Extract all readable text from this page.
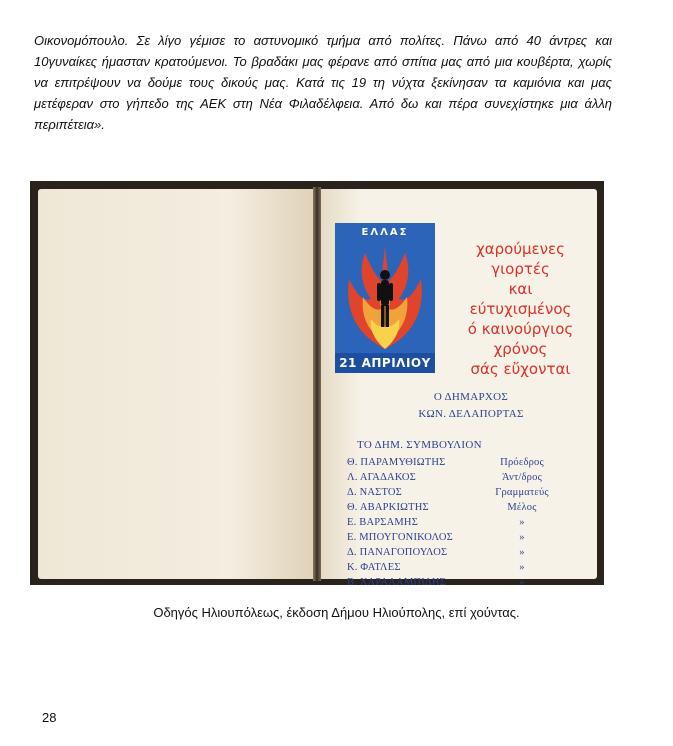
Οικονομόπουλο. Σε λίγο γέμισε το αστυνομικό τμήμα από πολίτες. Πάνω από 40 άντρες και 10γυναίκες ήμασταν κρατούμενοι. Το βραδάκι μας φέρανε από σπίτια μας από μια κουβέρτα, χωρίς να επιτρέψουν να δούμε τους δικούς μας. Κατά τις 19 τη νύχτα ξεκίνησαν τα καμιόνια και μας μετέφεραν στο γήπεδο της ΑΕΚ στη Νέα Φιλαδέλφεια. Από δω και πέρα συνεχίστηκε μια άλλη περιπέτεια».

ΕΛΛΑΣ
21 ΑΠΡΙΛΙΟΥ
χαρούμενες
γιορτές
και
εύτυχισμένος
ό καινούργιος
χρόνος
σάς εὔχονται
Ο ΔΗΜΑΡΧΟΣ
ΚΩΝ. ΔΕΛΑΠΟΡΤΑΣ
ΤΟ ΔΗΜ. ΣΥΜΒΟΥΛΙΟΝ
Θ. ΠΑΡΑΜΥΘΙΩΤΗΣ	Πρόεδρος
Λ. ΑΓΑΔΑΚΟΣ	Άντ/δρος
Δ. ΝΑΣΤΟΣ	Γραμματεύς
Θ. ΑΒΑΡΚΙΩΤΗΣ	Μέλος
Ε. ΒΑΡΣΑΜΗΣ	»
Ε. ΜΠΟΥΓΟΝΙΚΟΛΟΣ	»
Δ. ΠΑΝΑΓΟΠΟΥΛΟΣ	»
Κ. ΦΑΤΛΕΣ	»
Β. ΧΑΡΑΛΑΜΠΙΔΗΣ	»

Οδηγός Ηλιουπόλεως, έκδοση Δήμου Ηλιούπολης, επί χούντας.

28
